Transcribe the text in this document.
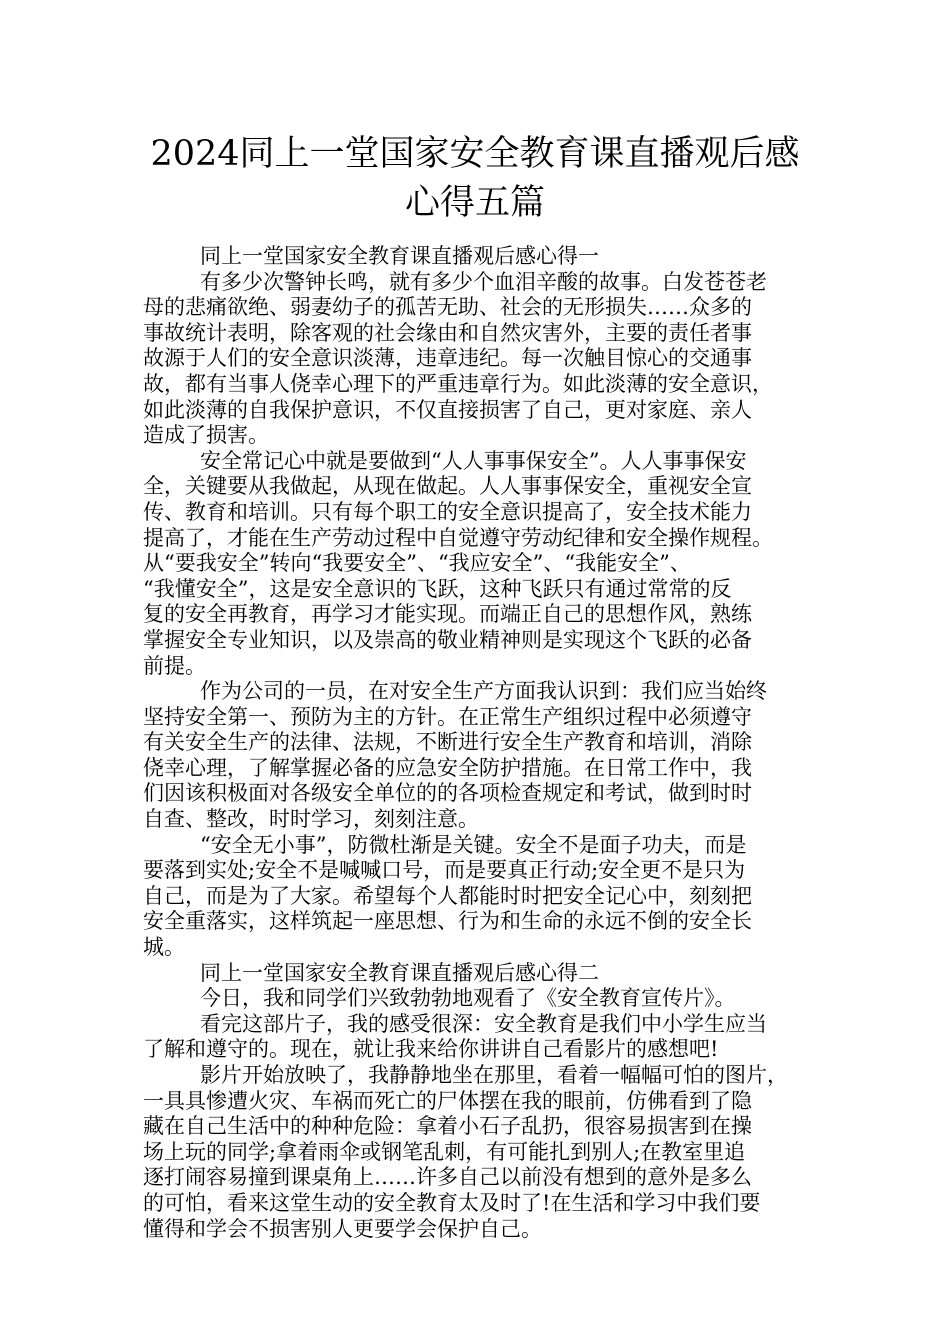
2024同上一堂国家安全教育课直播观后感
心得五篇
同上一堂国家安全教育课直播观后感心得一
有多少次警钟长鸣，就有多少个血泪辛酸的故事。白发苍苍老
母的悲痛欲绝、弱妻幼子的孤苦无助、社会的无形损失……众多的
事故统计表明，除客观的社会缘由和自然灾害外，主要的责任者事
故源于人们的安全意识淡薄，违章违纪。每一次触目惊心的交通事
故，都有当事人侥幸心理下的严重违章行为。如此淡薄的安全意识，
如此淡薄的自我保护意识，不仅直接损害了自己，更对家庭、亲人
造成了损害。
安全常记心中就是要做到“人人事事保安全”。人人事事保安
全，关键要从我做起，从现在做起。人人事事保安全，重视安全宣
传、教育和培训。只有每个职工的安全意识提高了，安全技术能力
提高了，才能在生产劳动过程中自觉遵守劳动纪律和安全操作规程。
从“要我安全”转向“我要安全”、“我应安全”、“我能安全”、
“我懂安全”，这是安全意识的飞跃，这种飞跃只有通过常常的反
复的安全再教育，再学习才能实现。而端正自己的思想作风，熟练
掌握安全专业知识，以及崇高的敬业精神则是实现这个飞跃的必备
前提。
作为公司的一员，在对安全生产方面我认识到：我们应当始终
坚持安全第一、预防为主的方针。在正常生产组织过程中必须遵守
有关安全生产的法律、法规，不断进行安全生产教育和培训，消除
侥幸心理，了解掌握必备的应急安全防护措施。在日常工作中，我
们因该积极面对各级安全单位的的各项检查规定和考试，做到时时
自查、整改，时时学习，刻刻注意。
“安全无小事”，防微杜渐是关键。安全不是面子功夫，而是
要落到实处;安全不是喊喊口号，而是要真正行动;安全更不是只为
自己，而是为了大家。希望每个人都能时时把安全记心中，刻刻把
安全重落实，这样筑起一座思想、行为和生命的永远不倒的安全长
城。
同上一堂国家安全教育课直播观后感心得二
今日，我和同学们兴致勃勃地观看了《安全教育宣传片》。
看完这部片子，我的感受很深：安全教育是我们中小学生应当
了解和遵守的。现在，就让我来给你讲讲自己看影片的感想吧!
影片开始放映了，我静静地坐在那里，看着一幅幅可怕的图片，
一具具惨遭火灾、车祸而死亡的尸体摆在我的眼前，仿佛看到了隐
藏在自己生活中的种种危险：拿着小石子乱扔，很容易损害到在操
场上玩的同学;拿着雨伞或钢笔乱刺，有可能扎到别人;在教室里追
逐打闹容易撞到课桌角上……许多自己以前没有想到的意外是多么
的可怕，看来这堂生动的安全教育太及时了!在生活和学习中我们要
懂得和学会不损害别人更要学会保护自己。
